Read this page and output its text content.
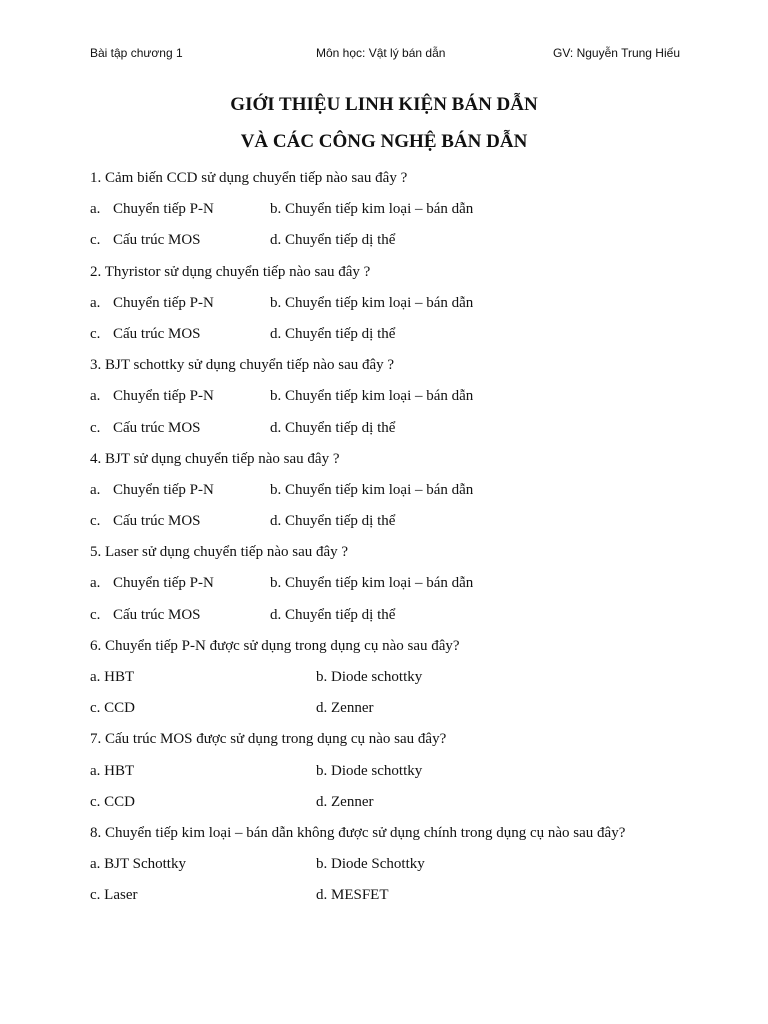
Bài tập chương 1	Môn học: Vật lý bán dẫn	GV: Nguyễn Trung Hiếu
GIỚI THIỆU LINH KIỆN BÁN DẪN
VÀ CÁC CÔNG NGHỆ BÁN DẪN
1. Cảm biến CCD sử dụng chuyển tiếp nào sau đây ?
a. Chuyển tiếp P-N	b. Chuyển tiếp kim loại – bán dẫn
c. Cấu trúc MOS	d. Chuyển tiếp dị thể
2. Thyristor sử dụng chuyển tiếp nào sau đây ?
a. Chuyển tiếp P-N	b. Chuyển tiếp kim loại – bán dẫn
c. Cấu trúc MOS	d. Chuyển tiếp dị thể
3. BJT schottky sử dụng chuyển tiếp nào sau đây ?
a. Chuyển tiếp P-N	b. Chuyển tiếp kim loại – bán dẫn
c. Cấu trúc MOS	d. Chuyển tiếp dị thể
4. BJT sử dụng chuyển tiếp nào sau đây ?
a. Chuyển tiếp P-N	b. Chuyển tiếp kim loại – bán dẫn
c. Cấu trúc MOS	d. Chuyển tiếp dị thể
5. Laser sử dụng chuyển tiếp nào sau đây ?
a. Chuyển tiếp P-N	b. Chuyển tiếp kim loại – bán dẫn
c. Cấu trúc MOS	d. Chuyển tiếp dị thể
6. Chuyển tiếp P-N được sử dụng trong dụng cụ nào sau đây?
a. HBT	b. Diode schottky
c. CCD	d. Zenner
7. Cấu trúc MOS được sử dụng trong dụng cụ nào sau đây?
a. HBT	b. Diode schottky
c. CCD	d. Zenner
8. Chuyển tiếp kim loại – bán dẫn không được sử dụng chính trong dụng cụ nào sau đây?
a. BJT Schottky	b. Diode Schottky
c. Laser	d. MESFET
